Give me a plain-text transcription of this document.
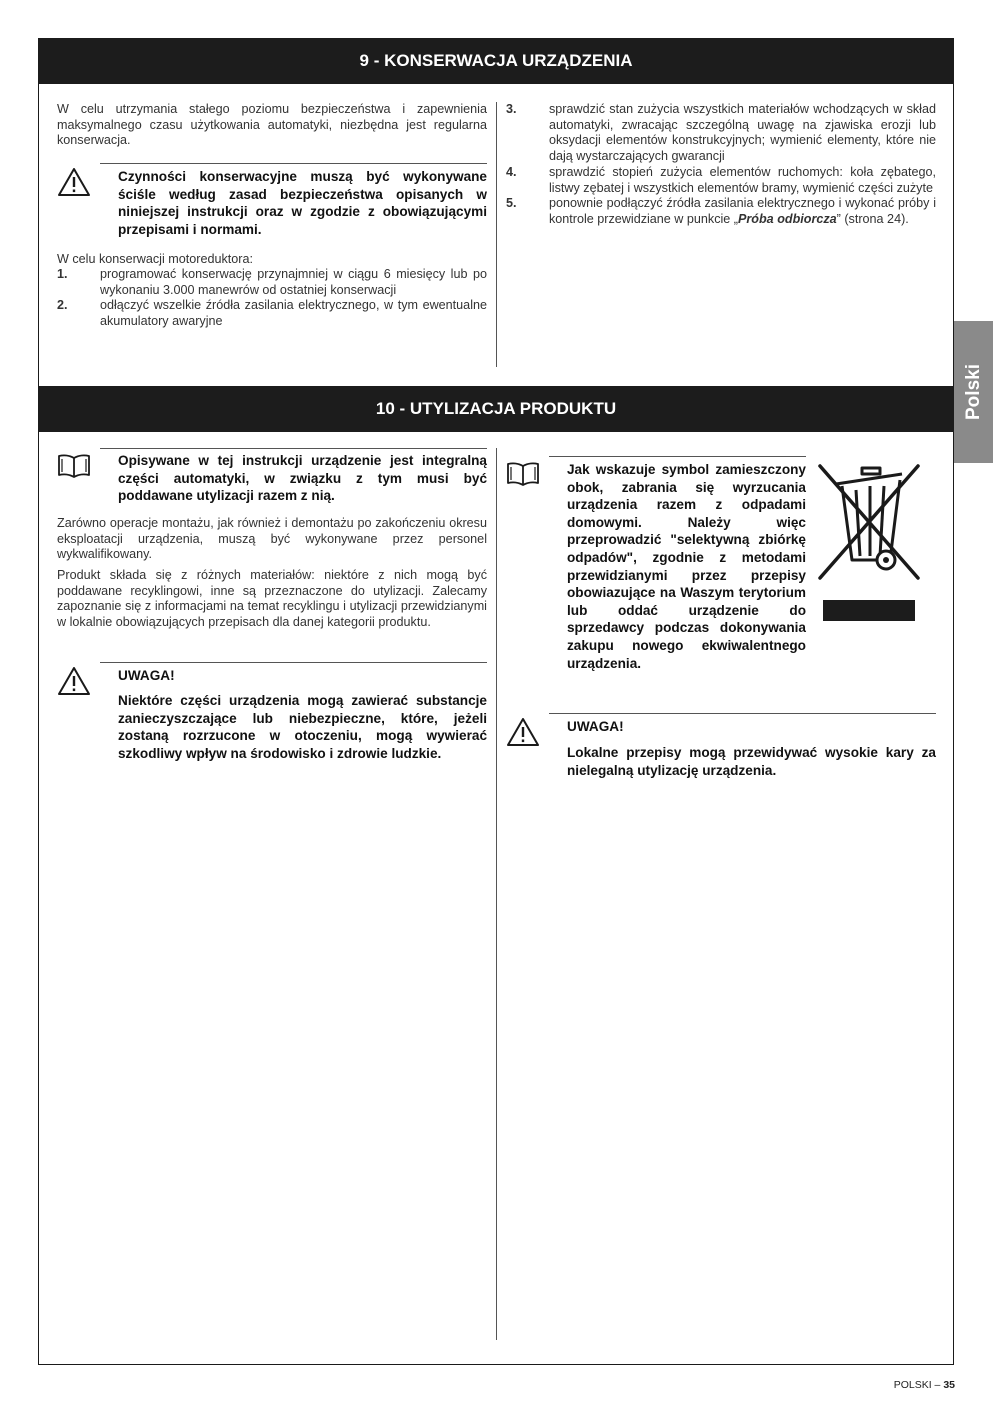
9 - KONSERWACJA URZĄDZENIA
W celu utrzymania stałego poziomu bezpieczeństwa i zapewnienia maksymalnego czasu użytkowania automatyki, niezbędna jest regularna konserwacja.
Czynności konserwacyjne muszą być wykonywane ściśle według zasad bezpieczeństwa opisanych w niniejszej instrukcji oraz w zgodzie z obowiązującymi przepisami i normami.
W celu konserwacji motoreduktora:
1.	programować konserwację przynajmniej w ciągu 6 miesięcy lub po wykonaniu 3.000 manewrów od ostatniej konserwacji
2.	odłączyć wszelkie źródła zasilania elektrycznego, w tym ewentualne akumulatory awaryjne
3.	sprawdzić stan zużycia wszystkich materiałów wchodzących w skład automatyki, zwracając szczególną uwagę na zjawiska erozji lub oksydacji elementów konstrukcyjnych; wymienić elementy, które nie dają wystarczających gwarancji
4.	sprawdzić stopień zużycia elementów ruchomych: koła zębatego, listwy zębatej i wszystkich elementów bramy, wymienić części zużyte
5.	ponownie podłączyć źródła zasilania elektrycznego i wykonać próby i kontrole przewidziane w punkcie „Próba odbiorcza” (strona 24).
Polski
10 - UTYLIZACJA PRODUKTU
Opisywane w tej instrukcji urządzenie jest integralną części automatyki, w związku z tym musi być poddawane utylizacji razem z nią.
Zarówno operacje montażu, jak również i demontażu po zakończeniu okresu eksploatacji urządzenia, muszą być wykonywane przez personel wykwalifikowany.
Produkt składa się z różnych materiałów: niektóre z nich mogą być poddawane recyklingowi, inne są przeznaczone do utylizacji. Zalecamy zapoznanie się z informacjami na temat recyklingu i utylizacji przewidzianymi w lokalnie obowiązujących przepisach dla danej kategorii produktu.
UWAGA!
Niektóre części urządzenia mogą zawierać substancje zanieczyszczające lub niebezpieczne, które, jeżeli zostaną rozrzucone w otoczeniu, mogą wywierać szkodliwy wpływ na środowisko i zdrowie ludzkie.
Jak wskazuje symbol zamieszczony obok, zabrania się wyrzucania urządzenia razem z odpadami domowymi. Należy więc przeprowadzić "selektywną zbiórkę odpadów", zgodnie z metodami przewidzianymi przez przepisy obowiazujące na Waszym terytorium lub oddać urządzenie do sprzedawcy podczas dokonywania zakupu nowego ekwiwalentnego urządzenia.
UWAGA!
Lokalne przepisy mogą przewidywać wysokie kary za nielegalną utylizację urządzenia.
POLSKI – 35
